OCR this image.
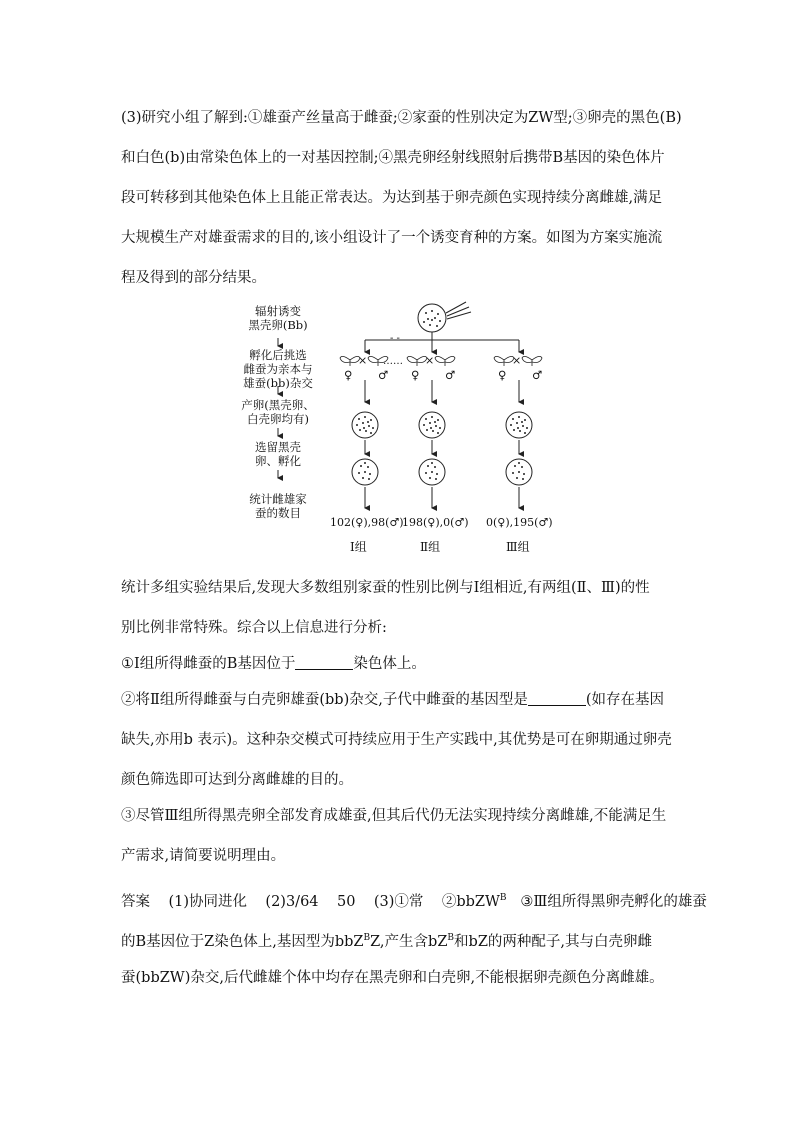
(3)研究小组了解到:①雄蚕产丝量高于雌蚕;②家蚕的性别决定为ZW型;③卵壳的黑色(B)
和白色(b)由常染色体上的一对基因控制;④黑壳卵经射线照射后携带B基因的染色体片
段可转移到其他染色体上且能正常表达。为达到基于卵壳颜色实现持续分离雌雄,满足
大规模生产对雄蚕需求的目的,该小组设计了一个诱变育种的方案。如图为方案实施流
程及得到的部分结果。
辐射诱变
黑壳卵(Bb)
孵化后挑选
雌蚕为亲本与
雄蚕(bb)杂交
产卵(黑壳卵、
白壳卵均有)
选留黑壳
卵、孵化
统计雌雄家
蚕的数目
- -
……
×	×	×
♀ ♂ ♀ ♂	♀ ♂
102(♀),98(♂)
198(♀),0(♂) 0(♀),195(♂)
Ⅰ组	Ⅱ组	Ⅲ组
统计多组实验结果后,发现大多数组别家蚕的性别比例与Ⅰ组相近,有两组(Ⅱ、Ⅲ)的性
别比例非常特殊。综合以上信息进行分析:
①Ⅰ组所得雌蚕的B基因位于	染色体上。
②将Ⅱ组所得雌蚕与白壳卵雄蚕(bb)杂交,子代中雌蚕的基因型是	(如存在基因
缺失,亦用b 表示)。这种杂交模式可持续应用于生产实践中,其优势是可在卵期通过卵壳
颜色筛选即可达到分离雌雄的目的。
③尽管Ⅲ组所得黑壳卵全部发育成雄蚕,但其后代仍无法实现持续分离雌雄,不能满足生
产需求,请简要说明理由。
答案 (1)协同进化 (2)3/64 50 (3)①常 ②bbZW$^B$ ③Ⅲ组所得黑卵壳孵化的雄蚕
的B基因位于Z染色体上,基因型为bbZ$^B$Z,产生含$bZ^B$和bZ的两种配子,其与白壳卵雌
蚕(bbZW)杂交,后代雌雄个体中均存在黑壳卵和白壳卵,不能根据卵壳颜色分离雌雄。
